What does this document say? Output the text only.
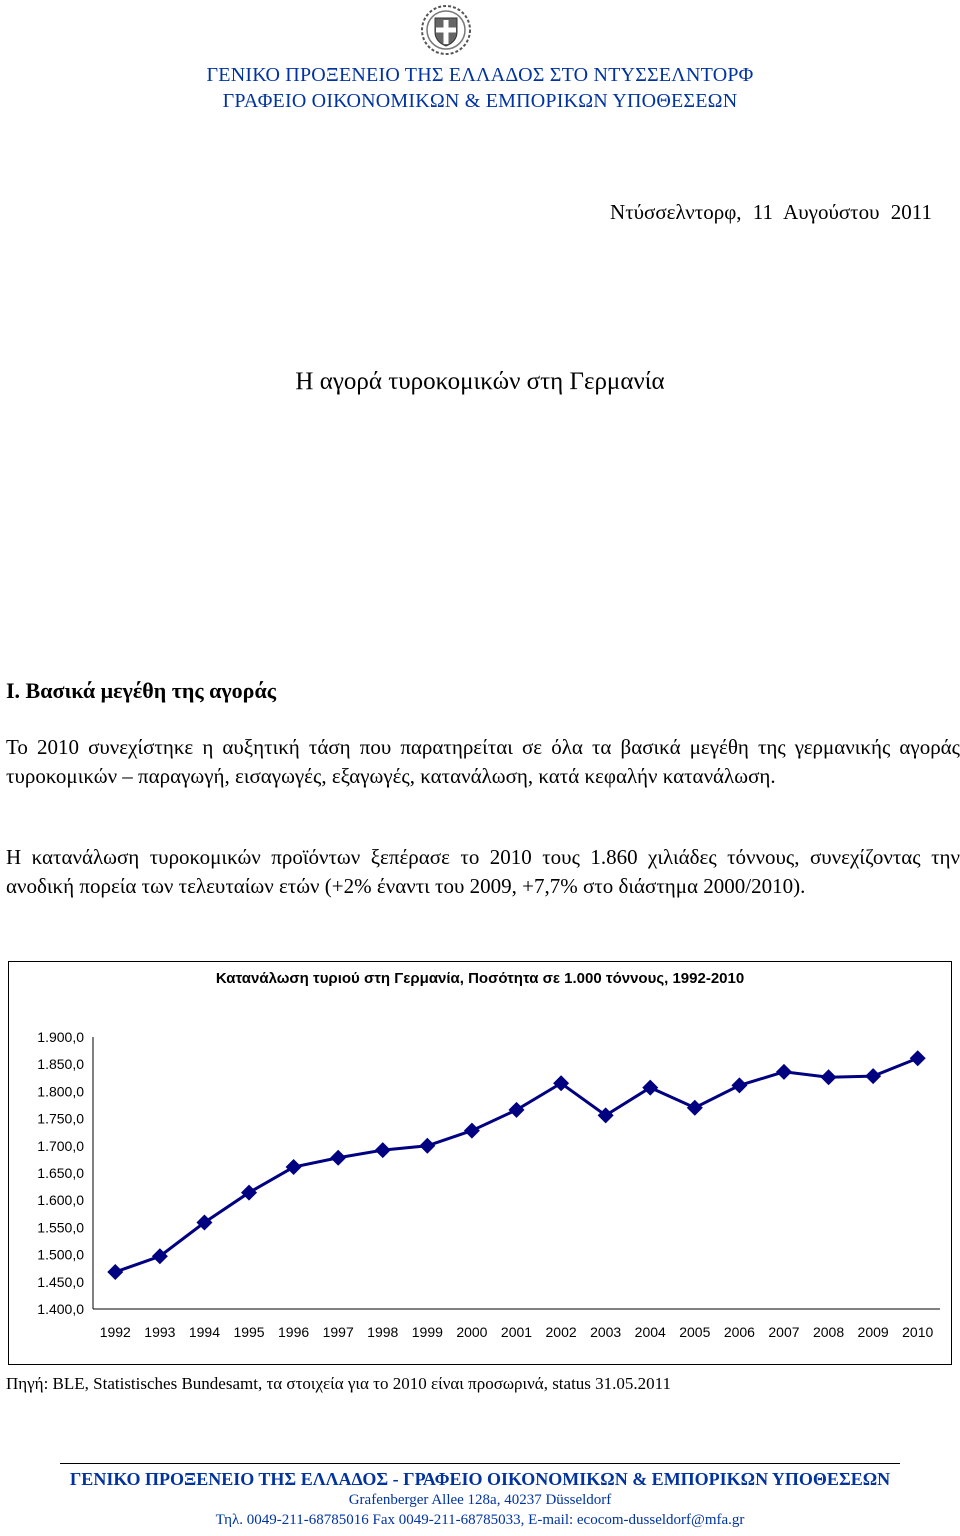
ΓΕΝΙΚΟ ΠΡΟΞΕΝΕΙΟ ΤΗΣ ΕΛΛΑΔΟΣ ΣΤΟ ΝΤΥΣΣΕΛΝΤΟΡΦ
ΓΡΑΦΕΙΟ ΟΙΚΟΝΟΜΙΚΩΝ & ΕΜΠΟΡΙΚΩΝ ΥΠΟΘΕΣΕΩΝ
Ντύσσελντορφ, 11 Αυγούστου 2011
Η αγορά τυροκομικών στη Γερμανία
Ι. Βασικά μεγέθη της αγοράς
Το 2010 συνεχίστηκε η αυξητική τάση που παρατηρείται σε όλα τα βασικά μεγέθη της γερμανικής αγοράς τυροκομικών – παραγωγή, εισαγωγές, εξαγωγές, κατανάλωση, κατά κεφαλήν κατανάλωση.
Η κατανάλωση τυροκομικών προϊόντων ξεπέρασε το 2010 τους 1.860 χιλιάδες τόννους, συνεχίζοντας την ανοδική πορεία των τελευταίων ετών (+2% έναντι του 2009, +7,7% στο διάστημα 2000/2010).
Κατανάλωση τυριού στη Γερμανία, Ποσότητα σε 1.000 τόννους, 1992-2010
1.400,0
1.450,0
1.500,0
1.550,0
1.600,0
1.650,0
1.700,0
1.750,0
1.800,0
1.850,0
1.900,0
1992 1993 1994 1995 1996 1997 1998 1999 2000 2001 2002 2003 2004 2005 2006 2007 2008 2009 2010
Πηγή: BLE, Statistisches Bundesamt, τα στοιχεία για το 2010 είναι προσωρινά, status 31.05.2011
ΓΕΝΙΚΟ ΠΡΟΞΕΝΕΙΟ ΤΗΣ ΕΛΛΑΔΟΣ - ΓΡΑΦΕΙΟ ΟΙΚΟΝΟΜΙΚΩΝ & ΕΜΠΟΡΙΚΩΝ ΥΠΟΘΕΣΕΩΝ
Grafenberger Allee 128a, 40237 Düsseldorf
Τηλ. 0049-211-68785016 Fax 0049-211-68785033, E-mail: ecocom-dusseldorf@mfa.gr
